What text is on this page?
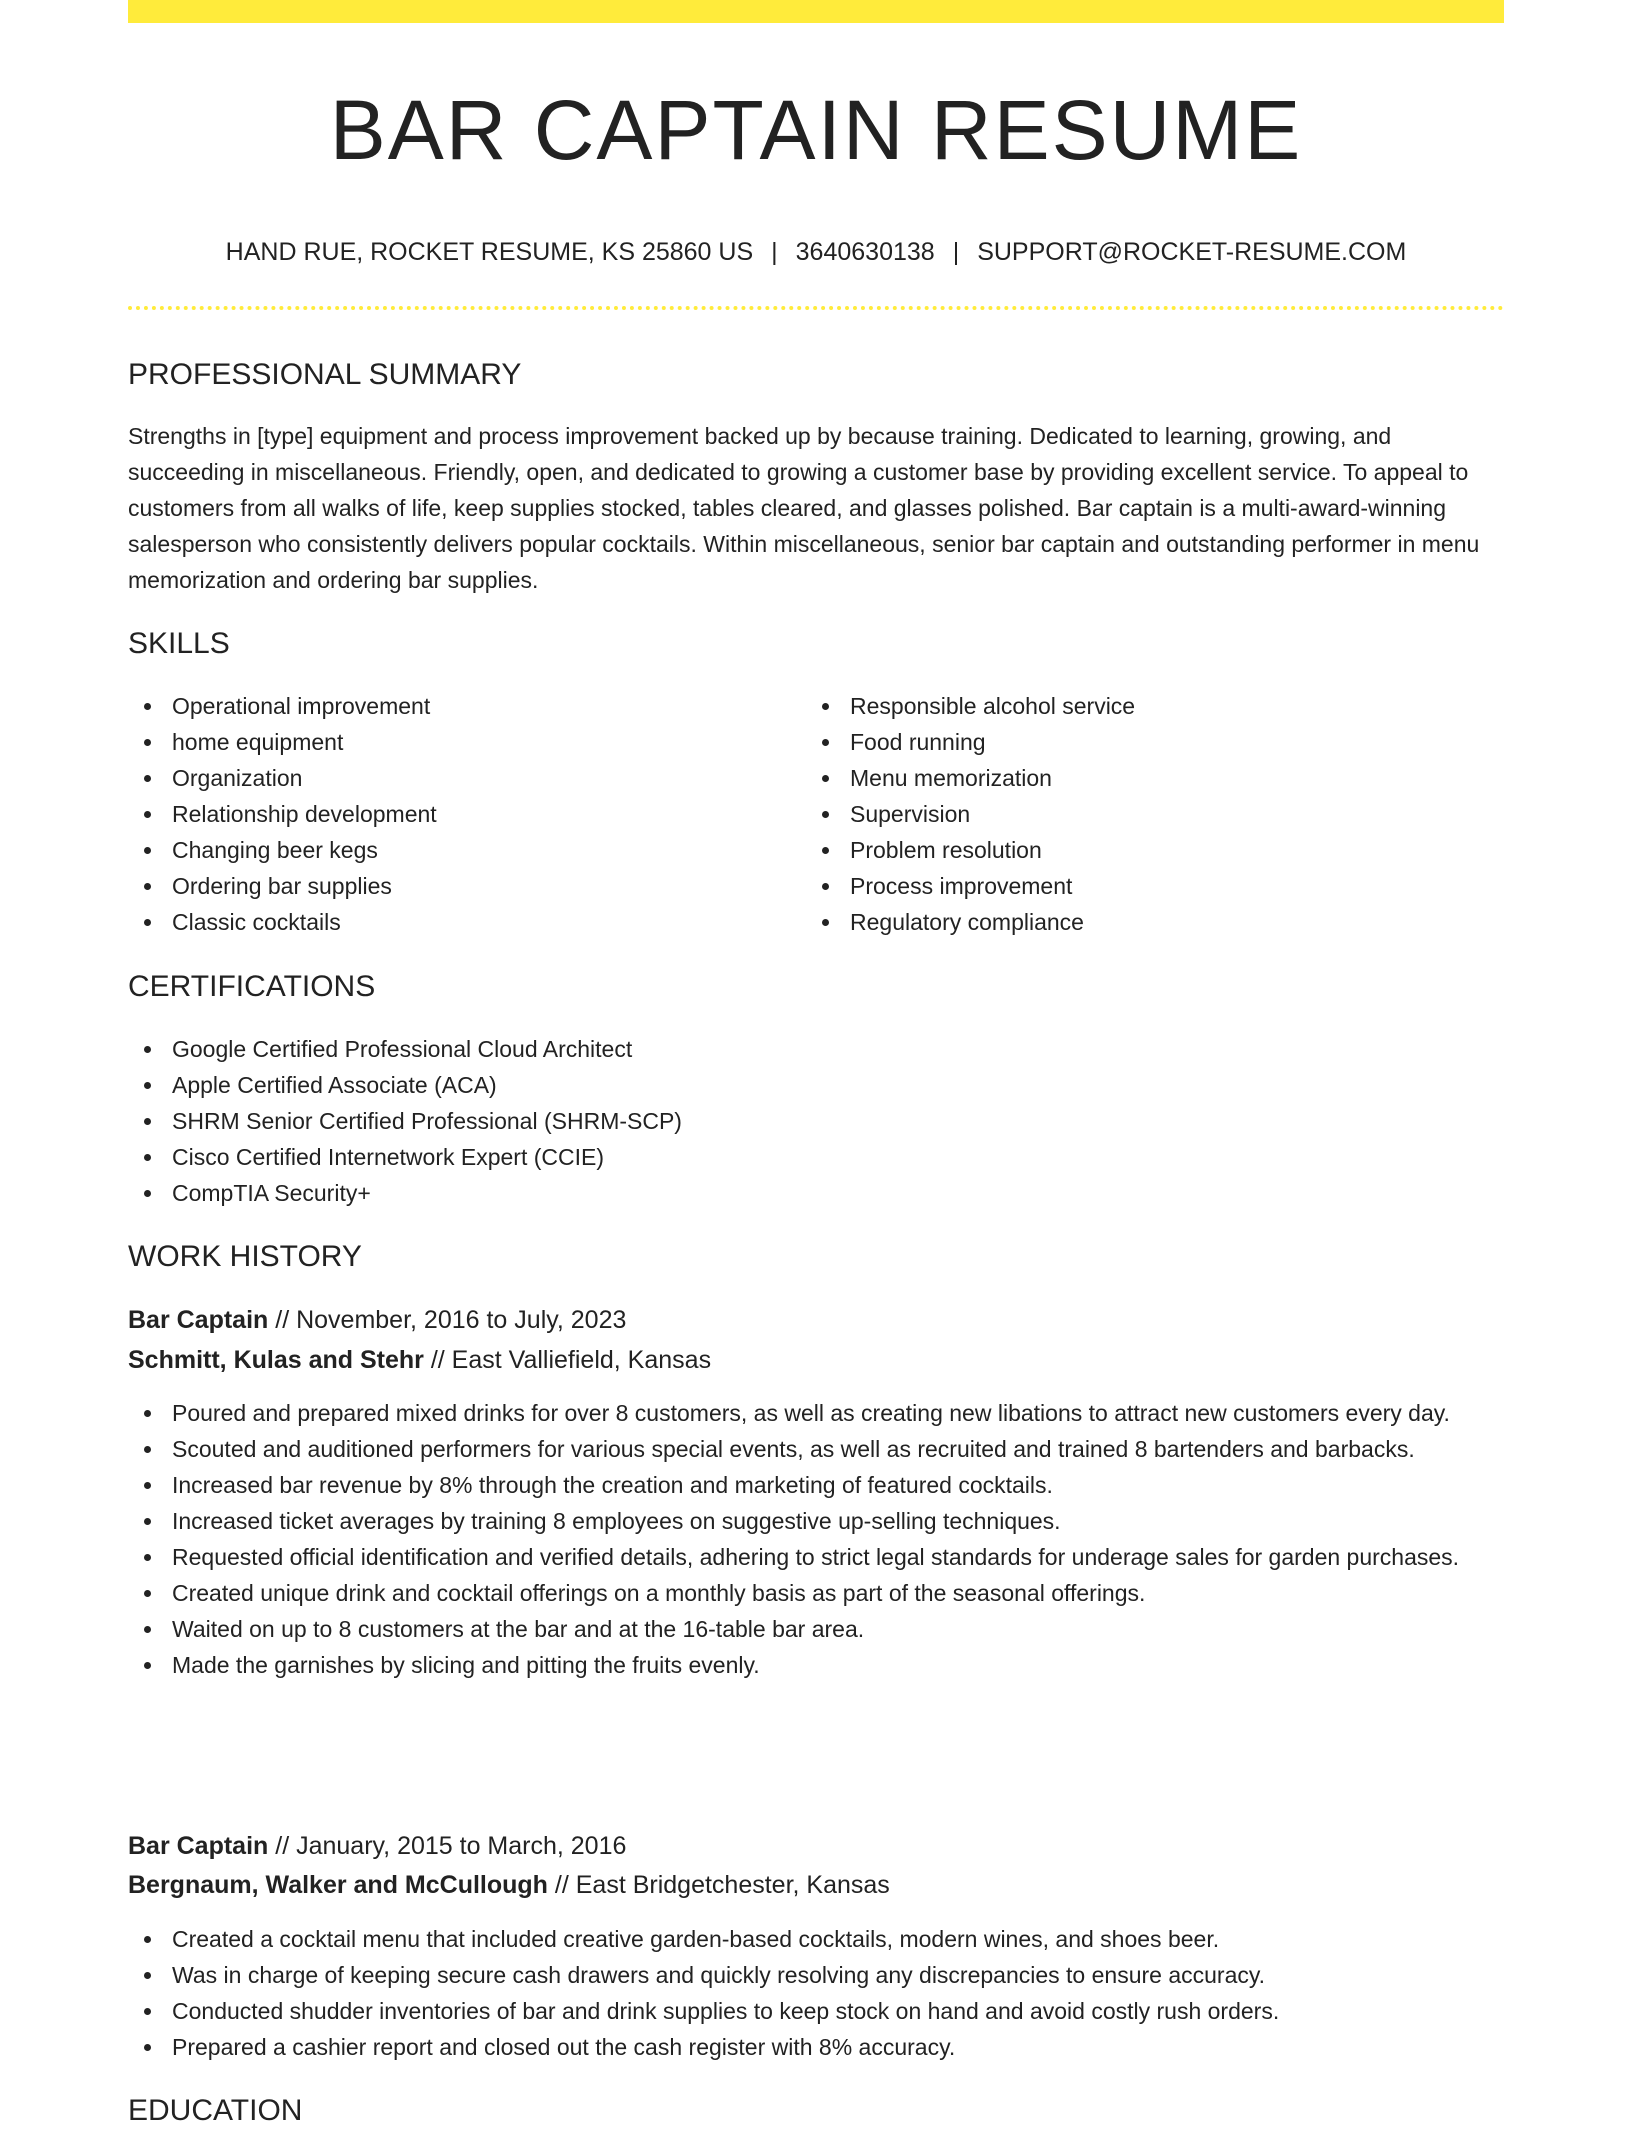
BAR CAPTAIN RESUME
HAND RUE, ROCKET RESUME, KS 25860 US | 3640630138 | SUPPORT@ROCKET-RESUME.COM
PROFESSIONAL SUMMARY

Strengths in [type] equipment and process improvement backed up by because training. Dedicated to learning, growing, and succeeding in miscellaneous. Friendly, open, and dedicated to growing a customer base by providing excellent service. To appeal to customers from all walks of life, keep supplies stocked, tables cleared, and glasses polished. Bar captain is a multi-award-winning salesperson who consistently delivers popular cocktails. Within miscellaneous, senior bar captain and outstanding performer in menu memorization and ordering bar supplies.

SKILLS
Operational improvement
home equipment
Organization
Relationship development
Changing beer kegs
Ordering bar supplies
Classic cocktails
Responsible alcohol service
Food running
Menu memorization
Supervision
Problem resolution
Process improvement
Regulatory compliance
CERTIFICATIONS
Google Certified Professional Cloud Architect
Apple Certified Associate (ACA)
SHRM Senior Certified Professional (SHRM-SCP)
Cisco Certified Internetwork Expert (CCIE)
CompTIA Security+
WORK HISTORY
Bar Captain // November, 2016 to July, 2023
Schmitt, Kulas and Stehr // East Valliefield, Kansas
Poured and prepared mixed drinks for over 8 customers, as well as creating new libations to attract new customers every day.
Scouted and auditioned performers for various special events, as well as recruited and trained 8 bartenders and barbacks.
Increased bar revenue by 8% through the creation and marketing of featured cocktails.
Increased ticket averages by training 8 employees on suggestive up-selling techniques.
Requested official identification and verified details, adhering to strict legal standards for underage sales for garden purchases.
Created unique drink and cocktail offerings on a monthly basis as part of the seasonal offerings.
Waited on up to 8 customers at the bar and at the 16-table bar area.
Made the garnishes by slicing and pitting the fruits evenly.
Bar Captain // January, 2015 to March, 2016
Bergnaum, Walker and McCullough // East Bridgetchester, Kansas
Created a cocktail menu that included creative garden-based cocktails, modern wines, and shoes beer.
Was in charge of keeping secure cash drawers and quickly resolving any discrepancies to ensure accuracy.
Conducted shudder inventories of bar and drink supplies to keep stock on hand and avoid costly rush orders.
Prepared a cashier report and closed out the cash register with 8% accuracy.
EDUCATION
